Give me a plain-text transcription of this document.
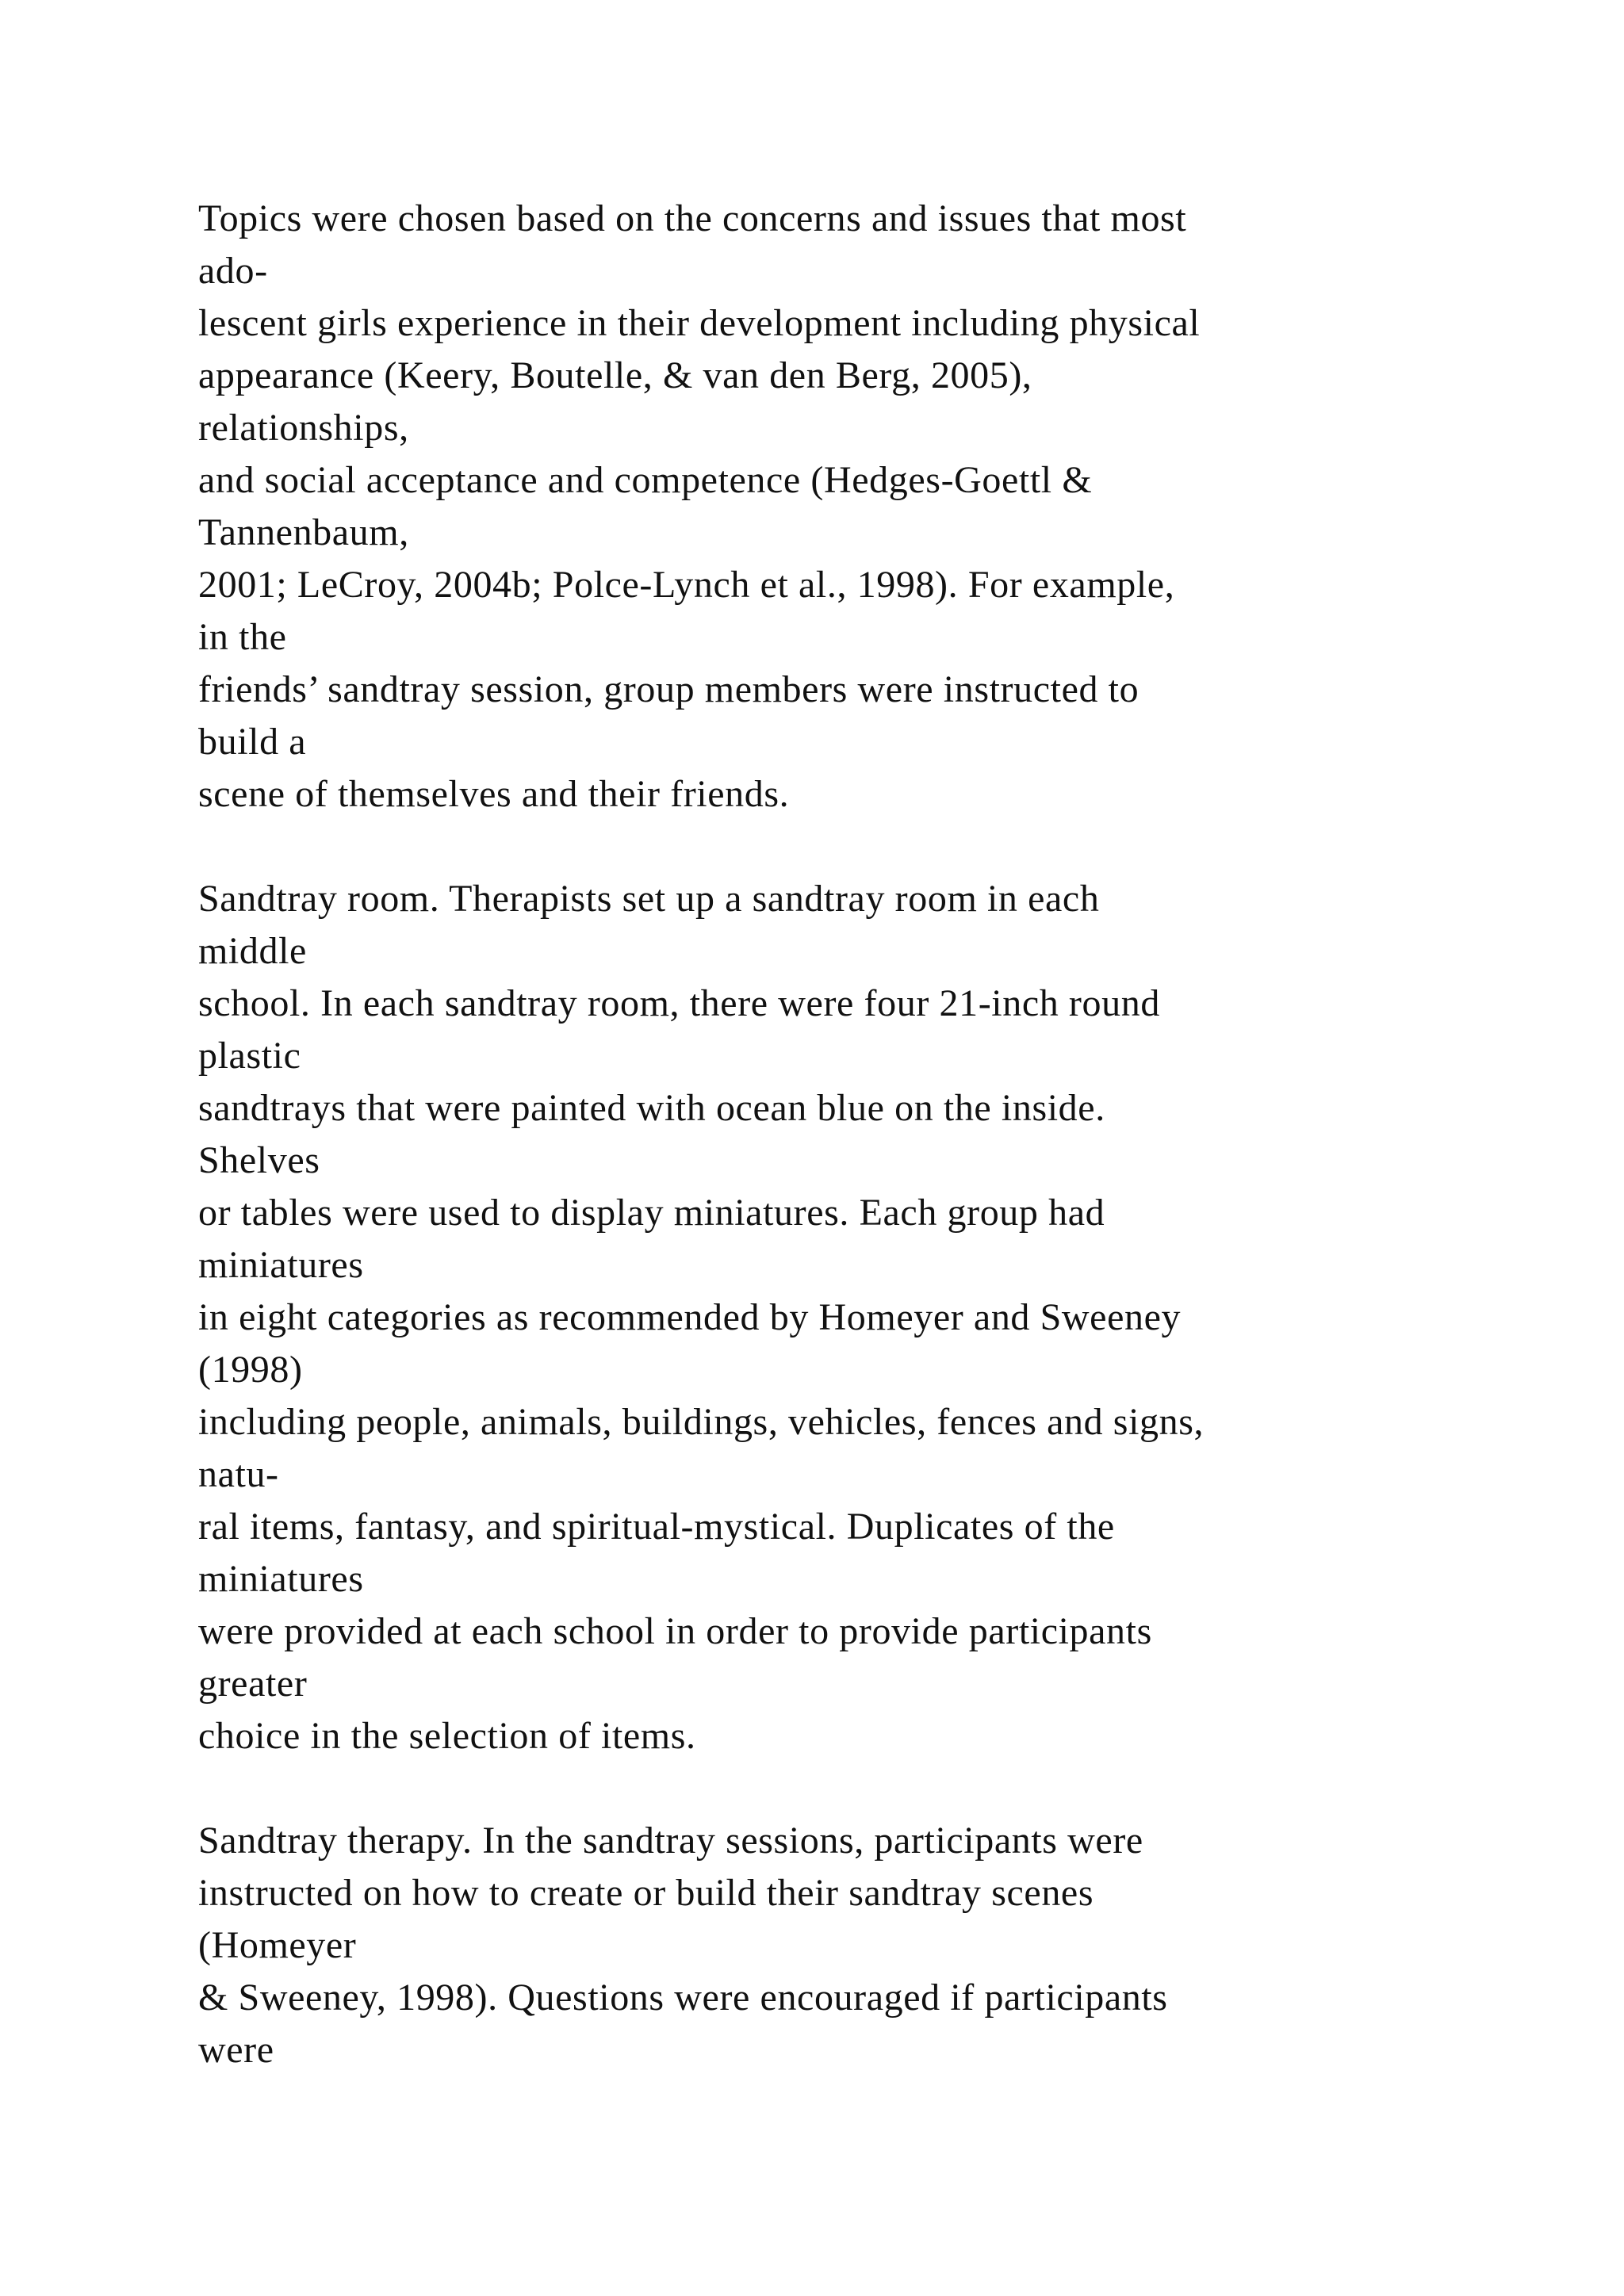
Topics were chosen based on the concerns and issues that most
ado-
lescent girls experience in their development including physical
appearance (Keery, Boutelle, & van den Berg, 2005),
relationships,
and social acceptance and competence (Hedges-Goettl &
Tannenbaum,
2001; LeCroy, 2004b; Polce-Lynch et al., 1998). For example,
in the
friends’ sandtray session, group members were instructed to
build a
scene of themselves and their friends.

Sandtray room. Therapists set up a sandtray room in each
middle
school. In each sandtray room, there were four 21-inch round
plastic
sandtrays that were painted with ocean blue on the inside.
Shelves
or tables were used to display miniatures. Each group had
miniatures
in eight categories as recommended by Homeyer and Sweeney
(1998)
including people, animals, buildings, vehicles, fences and signs,
natu-
ral items, fantasy, and spiritual-mystical. Duplicates of the
miniatures
were provided at each school in order to provide participants
greater
choice in the selection of items.

Sandtray therapy. In the sandtray sessions, participants were
instructed on how to create or build their sandtray scenes
(Homeyer
& Sweeney, 1998). Questions were encouraged if participants
were
